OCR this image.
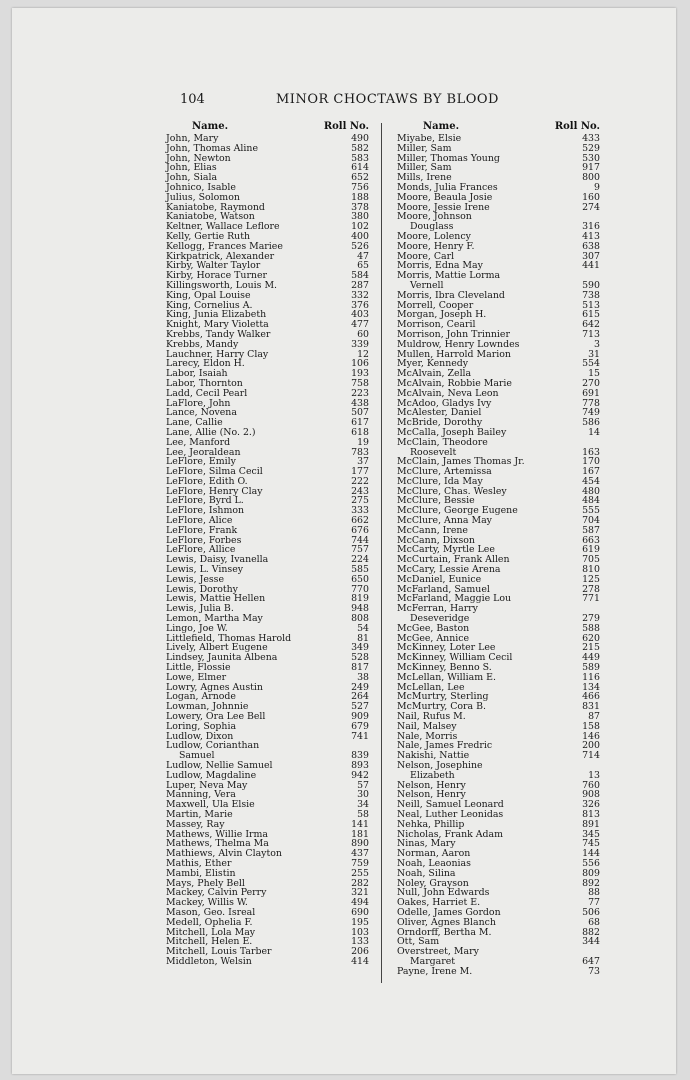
104	MINOR CHOCTAWS BY BLOOD
Name.	Roll No.
John, Mary	490
John, Thomas Aline	582
John, Newton	583
John, Elias	614
John, Siala	652
Johnico, Isable	756
Julius, Solomon	188
Kaniatobe, Raymond	378
Kaniatobe, Watson	380
Keltner, Wallace Leflore	102
Kelly, Gertie Ruth	400
Kellogg, Frances Mariee	526
Kirkpatrick, Alexander	47
Kirby, Walter Taylor	65
Kirby, Horace Turner	584
Killingsworth, Louis M.	287
King, Opal Louise	332
King, Cornelius A.	376
King, Junia Elizabeth	403
Knight, Mary Violetta	477
Krebbs, Tandy Walker	60
Krebbs, Mandy	339
Lauchner, Harry Clay	12
Larecy, Eldon H.	106
Labor, Isaiah	193
Labor, Thornton	758
Ladd, Cecil Pearl	223
LaFlore, John	438
Lance, Novena	507
Lane, Callie	617
Lane, Allie (No. 2.)	618
Lee, Manford	19
Lee, Jeoraldean	783
LeFlore, Emily	37
LeFlore, Silma Cecil	177
LeFlore, Edith O.	222
LeFlore, Henry Clay	243
LeFlore, Byrd L.	275
LeFlore, Ishmon	333
LeFlore, Alice	662
LeFlore, Frank	676
LeFlore, Forbes	744
LeFlore, Allice	757
Lewis, Daisy, Ivanella	224
Lewis, L. Vinsey	585
Lewis, Jesse	650
Lewis, Dorothy	770
Lewis, Mattie Hellen	819
Lewis, Julia B.	948
Lemon, Martha May	808
Lingo, Joe W.	54
Littlefield, Thomas Harold	81
Lively, Albert Eugene	349
Lindsey, Jaunita Albena	528
Little, Flossie	817
Lowe, Elmer	38
Lowry, Agnes Austin	249
Logan, Arnode	264
Lowman, Johnnie	527
Lowery, Ora Lee Bell	909
Loring, Sophia	679
Ludlow, Dixon	741
Ludlow, Corianthan
Samuel	839
Ludlow, Nellie Samuel	893
Ludlow, Magdaline	942
Luper, Neva May	57
Manning, Vera	30
Maxwell, Ula Elsie	34
Martin, Marie	58
Massey, Ray	141
Mathews, Willie Irma	181
Mathews, Thelma Ma	890
Mathiews, Alvin Clayton	437
Mathis, Ether	759
Mambi, Elistin	255
Mays, Phely Bell	282
Mackey, Calvin Perry	321
Mackey, Willis W.	494
Mason, Geo. Isreal	690
Medell, Ophelia F.	195
Mitchell, Lola May	103
Mitchell, Helen E.	133
Mitchell, Louis Tarber	206
Middleton, Welsin	414
Name.	Roll No.
Miyabe, Elsie	433
Miller, Sam	529
Miller, Thomas Young	530
Miller, Sam	917
Mills, Irene	800
Monds, Julia Frances	9
Moore, Beaula Josie	160
Moore, Jessie Irene	274
Moore, Johnson
Douglass	316
Moore, Lolency	413
Moore, Henry F.	638
Moore, Carl	307
Morris, Edna May	441
Morris, Mattie Lorma
Vernell	590
Morris, Ibra Cleveland	738
Morrell, Cooper	513
Morgan, Joseph H.	615
Morrison, Cearil	642
Morrison, John Trinnier	713
Muldrow, Henry Lowndes	3
Mullen, Harrold Marion	31
Myer, Kennedy	554
McAlvain, Zella	15
McAlvain, Robbie Marie	270
McAlvain, Neva Leon	691
McAdoo, Gladys Ivy	778
McAlester, Daniel	749
McBride, Dorothy	586
McCalla, Joseph Bailey	14
McClain, Theodore
Roosevelt	163
McClain, James Thomas Jr.	170
McClure, Artemissa	167
McClure, Ida May	454
McClure, Chas. Wesley	480
McClure, Bessie	484
McClure, George Eugene	555
McClure, Anna May	704
McCann, Irene	587
McCann, Dixson	663
McCarty, Myrtle Lee	619
McCurtain, Frank Allen	705
McCary, Lessie Arena	810
McDaniel, Eunice	125
McFarland, Samuel	278
McFarland, Maggie Lou	771
McFerran, Harry
Deseveridge	279
McGee, Baston	588
McGee, Annice	620
McKinney, Loter Lee	215
McKinney, William Cecil	449
McKinney, Benno S.	589
McLellan, William E.	116
McLellan, Lee	134
McMurtry, Sterling	466
McMurtry, Cora B.	831
Nail, Rufus M.	87
Nail, Malsey	158
Nale, Morris	146
Nale, James Fredric	200
Nakishi, Nattie	714
Nelson, Josephine
Elizabeth	13
Nelson, Henry	760
Nelson, Henry	908
Neill, Samuel Leonard	326
Neal, Luther Leonidas	813
Nehka, Phillip	891
Nicholas, Frank Adam	345
Ninas, Mary	745
Norman, Aaron	144
Noah, Leaonias	556
Noah, Silina	809
Noley, Grayson	892
Null, John Edwards	88
Oakes, Harriet E.	77
Odelle, James Gordon	506
Oliver, Agnes Blanch	68
Orndorff, Bertha M.	882
Ott, Sam	344
Overstreet, Mary
Margaret	647
Payne, Irene M.	73
